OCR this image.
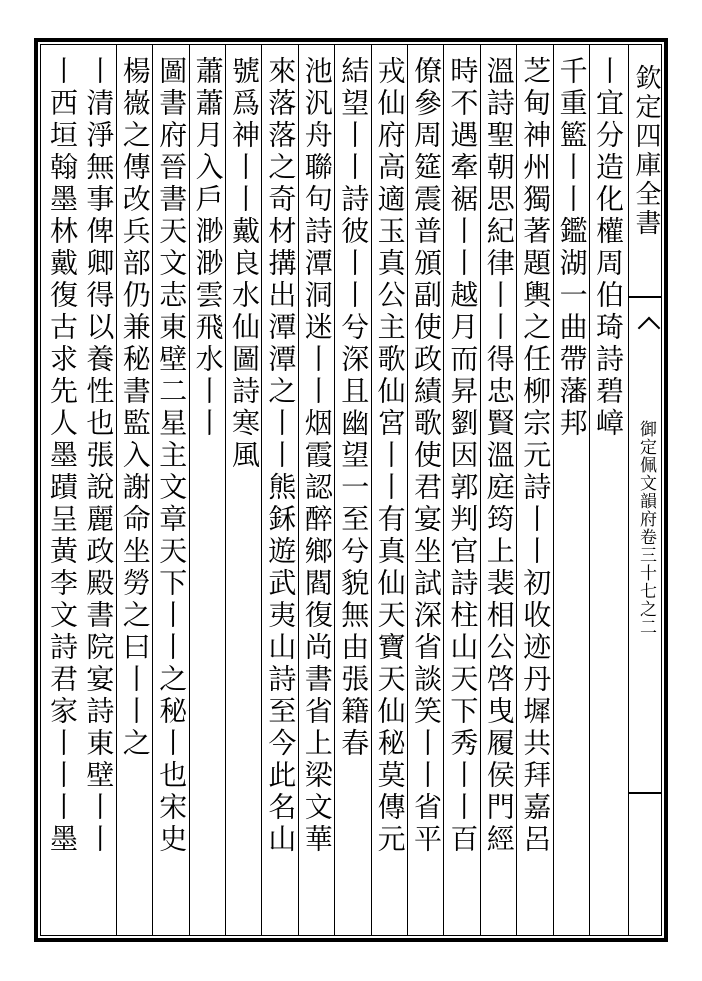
欽定四庫全書
御定佩文韻府卷三十七之二
丨宜分造化權周伯琦詩碧嶂
千重籃丨丨鑑湖一曲帶藩邦
芝甸神州獨著題輿之任柳宗元詩丨丨初收迹丹墀共拜嘉呂
溫詩聖朝思紀律丨丨得忠賢溫庭筠上裴相公啓曳履侯門經
時不遇牽裾丨丨越月而昇劉因郭判官詩柱山天下秀丨丨百
僚參周筵震普頒副使政績歌使君宴坐試深省談笑丨丨省平
戎仙府高適玉真公主歌仙宮丨丨有真仙天寶天仙秘莫傳元
結望丨丨詩彼丨丨兮深且幽望一至兮貌無由張籍春
池汎舟聯句詩潭洞迷丨丨烟霞認醉鄉閻復尚書省上梁文華
來落落之奇材搆出潭潭之丨丨熊鉌遊武夷山詩至今此名山
號爲神丨丨戴良水仙圖詩寒風
蕭蕭月入戶渺渺雲飛水丨丨
圖書府晉書天文志東壁二星主文章天下丨丨之秘丨也宋史
楊嶶之傳改兵部仍兼秘書監入謝命坐勞之曰丨丨之
丨清淨無事俾卿得以養性也張說麗政殿書院宴詩東壁丨丨
丨西垣翰墨林戴復古求先人墨蹟呈黃李文詩君家丨丨丨墨
